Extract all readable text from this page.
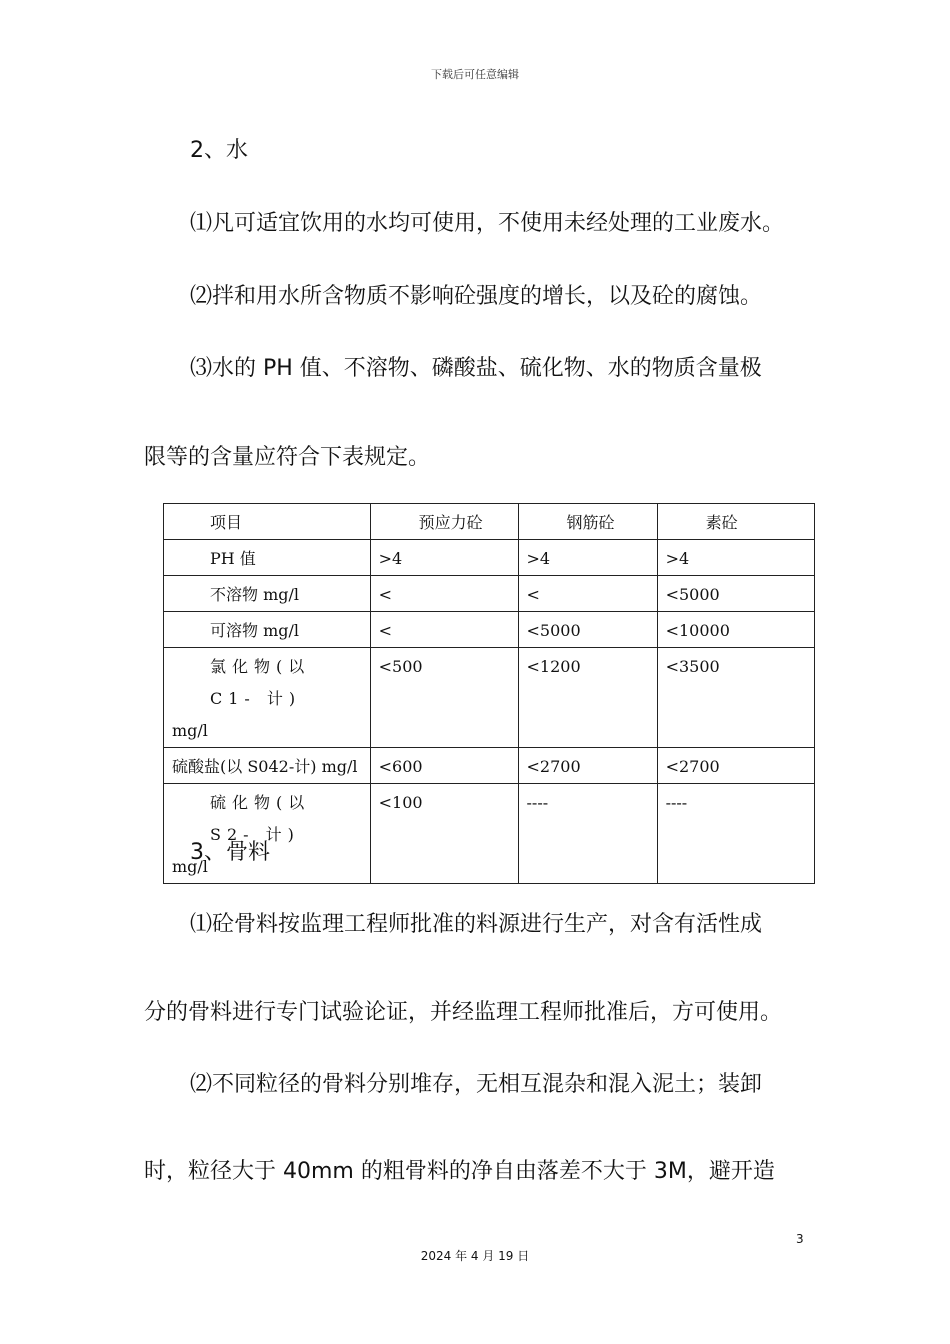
下载后可任意编辑
2、水
⑴凡可适宜饮用的水均可使用，不使用未经处理的工业废水。
⑵拌和用水所含物质不影响砼强度的增长，以及砼的腐蚀。
⑶水的 PH 值、不溶物、磷酸盐、硫化物、水的物质含量极
限等的含量应符合下表规定。
项目	预应力砼	钢筋砼	素砼
PH 值	>4	>4	>4
不溶物 mg/l	<	<	<5000
可溶物 mg/l	<	<5000	<10000

氯化物(以 C1- 计)
mg/l	<500	<1200	<3500
硫酸盐(以 S042-计) mg/l	<600	<2700	<2700

硫化物(以 S2- 计)
mg/l	<100	----	----
3、骨料
⑴砼骨料按监理工程师批准的料源进行生产，对含有活性成
分的骨料进行专门试验论证，并经监理工程师批准后，方可使用。
⑵不同粒径的骨料分别堆存，无相互混杂和混入泥土；装卸
时，粒径大于 40mm 的粗骨料的净自由落差不大于 3M，避开造
3
2024 年 4 月 19 日
